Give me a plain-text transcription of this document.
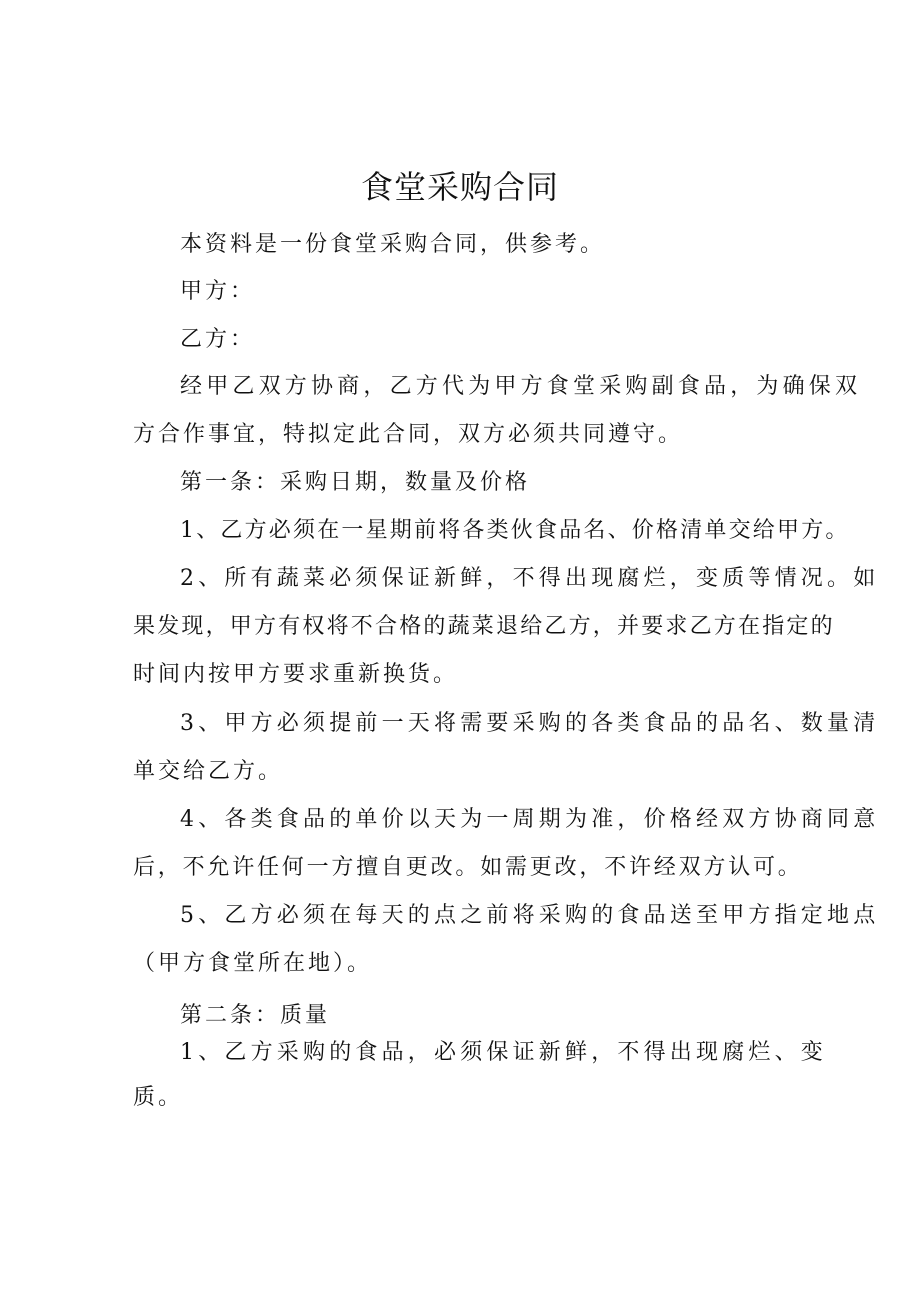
食堂采购合同
本资料是一份食堂采购合同，供参考。
甲方：
乙方：
经甲乙双方协商，乙方代为甲方食堂采购副食品，为确保双
方合作事宜，特拟定此合同，双方必须共同遵守。
第一条：采购日期，数量及价格
1、乙方必须在一星期前将各类伙食品名、价格清单交给甲方。
2、所有蔬菜必须保证新鲜，不得出现腐烂，变质等情况。如
果发现，甲方有权将不合格的蔬菜退给乙方，并要求乙方在指定的
时间内按甲方要求重新换货。
3、甲方必须提前一天将需要采购的各类食品的品名、数量清
单交给乙方。
4、各类食品的单价以天为一周期为准，价格经双方协商同意
后，不允许任何一方擅自更改。如需更改，不许经双方认可。
5、乙方必须在每天的点之前将采购的食品送至甲方指定地点
（甲方食堂所在地）。
第二条：质量
1、乙方采购的食品，必须保证新鲜，不得出现腐烂、变
质。
